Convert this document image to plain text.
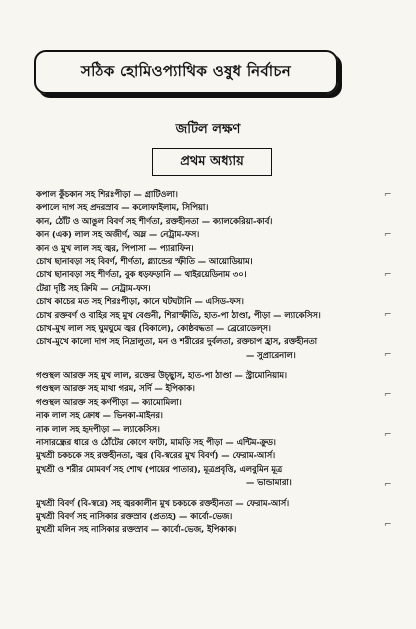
সঠিক হোমিওপ্যাথিক ওষুধ নির্বাচন
জটিল লক্ষণ
প্রথম অধ্যায়
কপাল কুঁচকান সহ শিরঃপীড়া — গ্রাটিওলা।
কপালে দাগ সহ প্রদরস্রাব — কলোফাইলাম, সিপিয়া।
কান, ঠোঁট ও আঙুল বিবর্ণ সহ শীর্ণতা, রক্তহীনতা — ক্যালকেরিয়া-কার্ব।
কান (এক) লাল সহ অজীর্ণ, অম্ল — নেট্রাম-ফস।
কান ও মুখ লাল সহ জ্বর, পিপাসা — প্যারাফিন।
চোখ ছানাবড়া সহ বিবর্ণ, শীর্ণতা, গ্ল্যান্ডের স্ফীতি — আয়োডিয়াম।
চোখ ছানাবড়া সহ শীর্ণতা, বুক ধড়ফড়ানি — থাইরয়েডিনাম ৩০।
টেরা দৃষ্টি সহ ক্রিমি — নেট্রাম-ফস।
চোখ কাচের মত সহ শিরঃপীড়া, কানে ঘটঘটানি — এসিড-ফস।
চোখ রক্তবর্ণ ও বাহির সহ মুখ বেগুনী, শিরাস্ফীতি, হাত-পা ঠাণ্ডা, পীড়া — ল্যাকেসিস।
চোখ-মুখ লাল সহ ঘুমঘুমে জ্বর (বিকালে), কোষ্ঠবদ্ধতা — ব্রেরোডেল্স।
চোখ-মুখে কালো দাগ সহ নিদ্রালুতা, মন ও শরীরের দুর্বলতা, রক্তচাপ হ্রাস, রক্তহীনতা
— সুপ্রারেনাল।
গণ্ডস্থল আরক্ত সহ মুখ লাল, রক্তের উচ্ছ্বাস, হাত-পা ঠাণ্ডা — স্ট্রামোনিয়াম।
গণ্ডস্থল আরক্ত সহ মাথা গরম, সর্দি — ইপিকাক।
গণ্ডস্থল আরক্ত সহ কর্ণপীড়া — ক্যামোমিলা।
নাক লাল সহ ক্রোধ — ভিনকা-মাইনর।
নাক লাল সহ হৃদপীড়া — ল্যাকেসিস।
নাসারন্ধ্রের ধারে ও ঠোঁটের কোণে ফাটা, মামড়ি সহ পীড়া — এন্টিম-ক্রুড।
মুখশ্রী চকচকে সহ রক্তহীনতা, জ্বর (বি-স্বরের মুখ বিবর্ণ) — ফেরাম-আর্স।
মুখশ্রী ও শরীর মোমবর্ণ সহ শোথ (পায়ের পাতার), মূত্রপ্রবৃত্তি, এলবুমিন মূত্র
— ভান্ডামারা।
মুখশ্রী বিবর্ণ (বি-স্বরে) সহ জ্বরকালীন মুখ চকচকে রক্তহীনতা — ফেরাম-আর্স।
মুখশ্রী বিবর্ণ সহ নাসিকার রক্তস্রাব (প্রত্যহ) — কার্বো-ভেজ।
মুখশ্রী মলিন সহ নাসিকার রক্তস্রাব — কার্বো-ভেজ, ইপিকাক।
⌐
⌐
⌐
⌐
⌐
⌐
⌐
⌐
⌐
